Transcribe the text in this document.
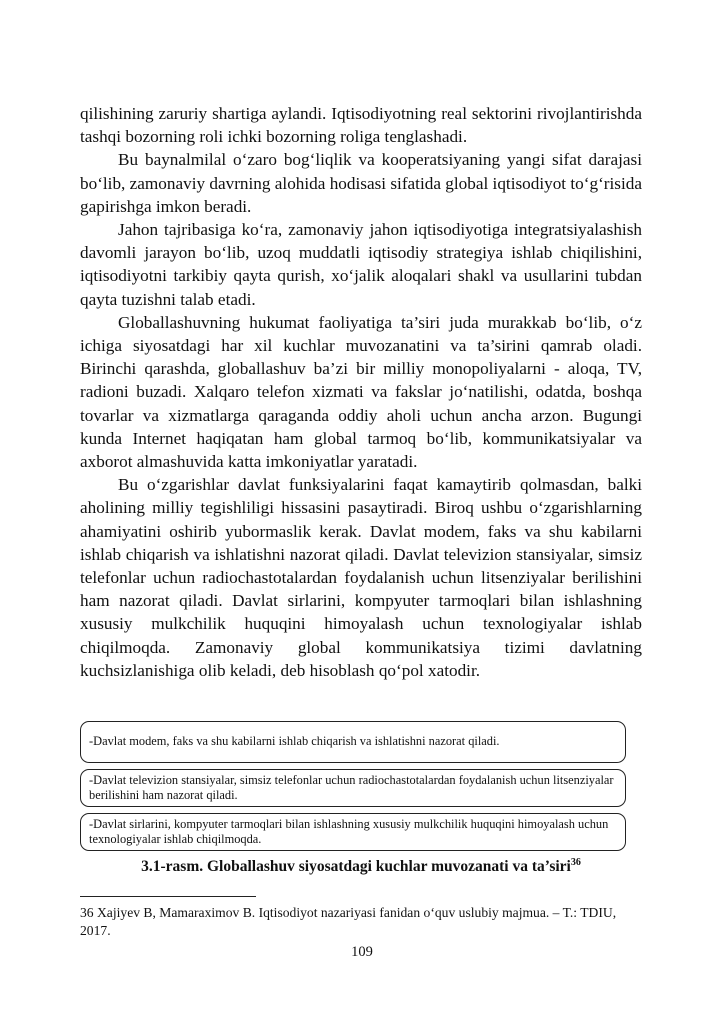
qilishining zaruriy shartiga aylandi. Iqtisodiyotning real sektorini rivojlantirishda tashqi bozorning roli ichki bozorning roliga tenglashadi.

Bu baynalmilal o‘zaro bog‘liqlik va kooperatsiyaning yangi sifat darajasi bo‘lib, zamonaviy davrning alohida hodisasi sifatida global iqtisodiyot to‘g‘risida gapirishga imkon beradi.

Jahon tajribasiga ko‘ra, zamonaviy jahon iqtisodiyotiga integratsiyalashish davomli jarayon bo‘lib, uzoq muddatli iqtisodiy strategiya ishlab chiqilishini, iqtisodiyotni tarkibiy qayta qurish, xo‘jalik aloqalari shakl va usullarini tubdan qayta tuzishni talab etadi.

Globallashuvning hukumat faoliyatiga ta’siri juda murakkab bo‘lib, o‘z ichiga siyosatdagi har xil kuchlar muvozanatini va ta’sirini qamrab oladi. Birinchi qarashda, globallashuv ba’zi bir milliy monopoliyalarni - aloqa, TV, radioni buzadi. Xalqaro telefon xizmati va fakslar jo‘natilishi, odatda, boshqa tovarlar va xizmatlarga qaraganda oddiy aholi uchun ancha arzon. Bugungi kunda Internet haqiqatan ham global tarmoq bo‘lib, kommunikatsiyalar va axborot almashuvida katta imkoniyatlar yaratadi.

Bu o‘zgarishlar davlat funksiyalarini faqat kamaytirib qolmasdan, balki aholining milliy tegishliligi hissasini pasaytiradi. Biroq ushbu o‘zgarishlarning ahamiyatini oshirib yubormaslik kerak. Davlat modem, faks va shu kabilarni ishlab chiqarish va ishlatishni nazorat qiladi. Davlat televizion stansiyalar, simsiz telefonlar uchun radiochastotalardan foydalanish uchun litsenziyalar berilishini ham nazorat qiladi. Davlat sirlarini, kompyuter tarmoqlari bilan ishlashning xususiy mulkchilik huquqini himoyalash uchun texnologiyalar ishlab chiqilmoqda. Zamonaviy global kommunikatsiya tizimi davlatning kuchsizlanishiga olib keladi, deb hisoblash qo‘pol xatodir.

-Davlat modem, faks va shu kabilarni ishlab chiqarish va ishlatishni nazorat qiladi.
-Davlat televizion stansiyalar, simsiz telefonlar uchun radiochastotalardan foydalanish uchun litsenziyalar berilishini ham nazorat qiladi.
-Davlat sirlarini, kompyuter tarmoqlari bilan ishlashning xususiy mulkchilik huquqini himoyalash uchun texnologiyalar ishlab chiqilmoqda.
3.1-rasm. Globallashuv siyosatdagi kuchlar muvozanati va ta’siri$^{36}$
36 Xajiyev B, Mamaraximov B. Iqtisodiyot nazariyasi fanidan o‘quv uslubiy majmua. – T.: TDIU, 2017.
109
